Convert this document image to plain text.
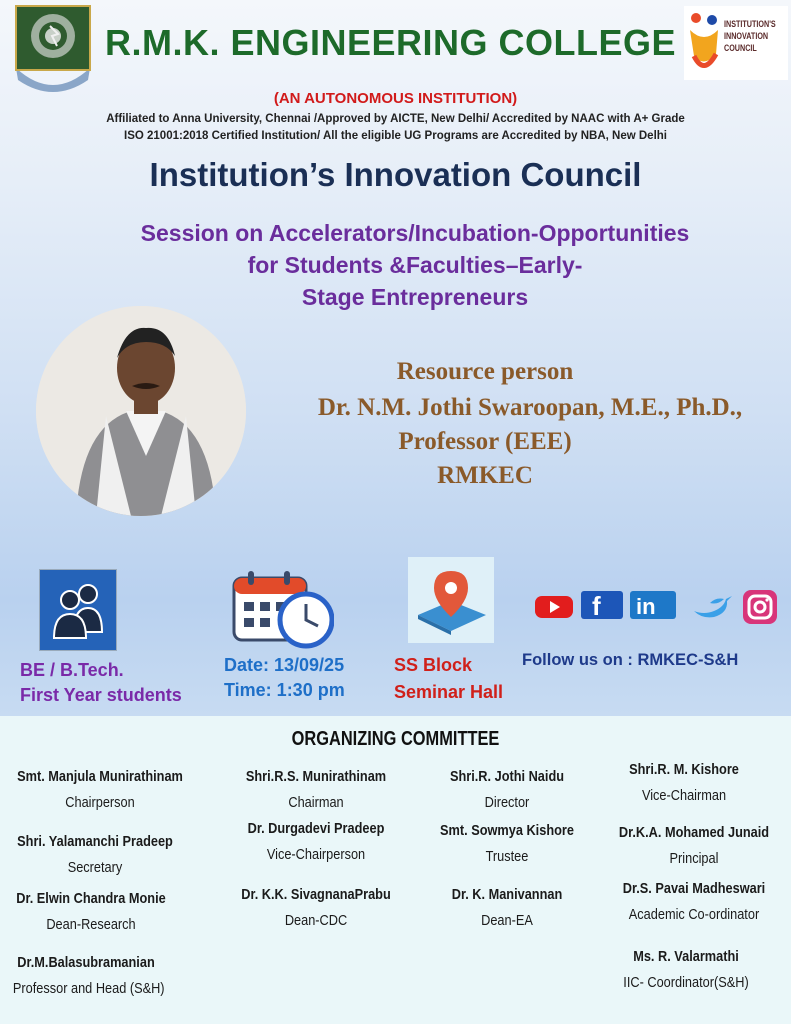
R.M.K. ENGINEERING COLLEGE	INSTITUTION'S
INNOVATION
COUNCIL
(AN AUTONOMOUS INSTITUTION)
Affiliated to Anna University, Chennai /Approved by AICTE, New Delhi/ Accredited by NAAC with A+ Grade
ISO 21001:2018 Certified Institution/ All the eligible UG Programs are Accredited by NBA, New Delhi
Institution’s Innovation Council
Session on Accelerators/Incubation-Opportunities
for Students &Faculties–Early-
Stage Entrepreneurs
Resource person
Dr. N.M. Jothi Swaroopan, M.E., Ph.D.,
Professor (EEE)
RMKEC
BE / B.Tech.
First Year students
Date: 13/09/25
Time: 1:30 pm
SS Block
Seminar Hall
f in
Follow us on : RMKEC-S&H
ORGANIZING COMMITTEE
Smt. Manjula Munirathinam
Chairperson
Shri. Yalamanchi Pradeep
Secretary
Dr. Elwin Chandra Monie
Dean-Research
Dr.M.Balasubramanian
Professor and Head (S&H)
Shri.R.S. Munirathinam
Chairman
Dr. Durgadevi Pradeep
Vice-Chairperson
Dr. K.K. SivagnanaPrabu
Dean-CDC
Shri.R. Jothi Naidu
Director
Smt. Sowmya Kishore
Trustee
Dr. K. Manivannan
Dean-EA
Shri.R. M. Kishore
Vice-Chairman
Dr.K.A. Mohamed Junaid
Principal
Dr.S. Pavai Madheswari
Academic Co-ordinator
Ms. R. Valarmathi
IIC- Coordinator(S&H)
